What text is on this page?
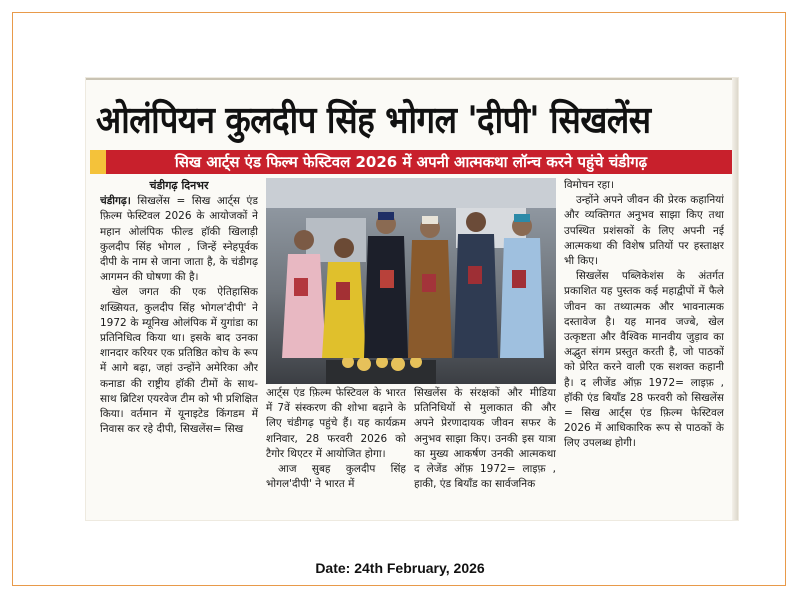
ओलंपियन कुलदीप सिंह भोगल 'दीपी' सिखलेंस
सिख आर्ट्स एंड फिल्म फेस्टिवल 2026 में अपनी आत्मकथा लॉन्च करने पहुंचे चंडीगढ़
चंडीगढ़ दिनभर

चंडीगढ़। सिखलेंस = सिख आर्ट्स एंड फ़िल्म फेस्टिवल 2026 के आयोजकों ने महान ओलंपिक फील्ड हॉकी खिलाड़ी कुलदीप सिंह भोगल , जिन्हें स्नेहपूर्वक दीपी के नाम से जाना जाता है, के चंडीगढ़ आगमन की घोषणा की है।

खेल जगत की एक ऐतिहासिक शख्सियत, कुलदीप सिंह भोगल'दीपी' ने 1972 के म्यूनिख ओलंपिक में युगांडा का प्रतिनिधित्व किया था। इसके बाद उनका शानदार करियर एक प्रतिष्ठित कोच के रूप में आगे बढ़ा, जहां उन्होंने अमेरिका और कनाडा की राष्ट्रीय हॉकी टीमों के साथ-साथ ब्रिटिश एयरवेज टीम को भी प्रशिक्षित किया। वर्तमान में यूनाइटेड किंगडम में निवास कर रहे दीपी, सिखलेंस= सिख

आर्ट्स एंड फ़िल्म फेस्टिवल के भारत में 7वें संस्करण की शोभा बढ़ाने के लिए चंडीगढ़ पहुंचे हैं। यह कार्यक्रम शनिवार, 28 फरवरी 2026 को टैगोर थिएटर में आयोजित होगा।

आज सुबह कुलदीप सिंह भोगल'दीपी' ने भारत में

सिखलेंस के संरक्षकों और मीडिया प्रतिनिधियों से मुलाकात की और अपने प्रेरणादायक जीवन सफर के अनुभव साझा किए। उनकी इस यात्रा का मुख्य आकर्षण उनकी आत्मकथा द लेजेंड ऑफ़ 1972= लाइफ़ , हाकी, एंड बियॉंड का सार्वजनिक

विमोचन रहा।

उन्होंने अपने जीवन की प्रेरक कहानियां और व्यक्तिगत अनुभव साझा किए तथा उपस्थित प्रशंसकों के लिए अपनी नई आत्मकथा की विशेष प्रतियों पर हस्ताक्षर भी किए।

सिखलेंस पब्लिकेशंस के अंतर्गत प्रकाशित यह पुस्तक कई महाद्वीपों में फैले जीवन का तथ्यात्मक और भावनात्मक दस्तावेज है। यह मानव जज्बे, खेल उत्कृष्टता और वैश्विक मानवीय जुड़ाव का अद्भुत संगम प्रस्तुत करती है, जो पाठकों को प्रेरित करने वाली एक सशक्त कहानी है। द लीजेंड ऑफ़ 1972= लाइफ़ , हॉकी एंड बियॉंड 28 फरवरी को सिखलेंस = सिख आर्ट्स एंड फ़िल्म फेस्टिवल 2026 में आधिकारिक रूप से पाठकों के लिए उपलब्ध होगी।

Date: 24th February, 2026
